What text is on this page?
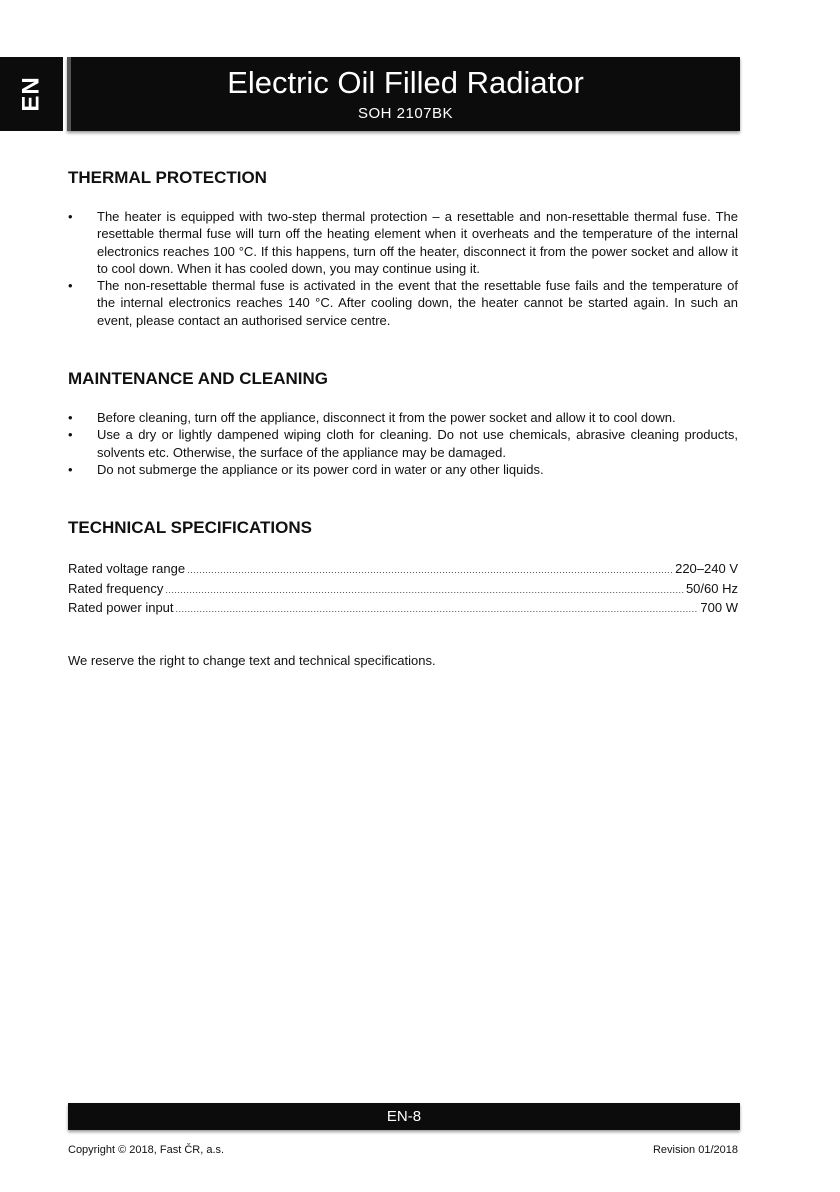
EN	Electric Oil Filled Radiator
SOH 2107BK
THERMAL PROTECTION
• The heater is equipped with two-step thermal protection – a resettable and non-resettable thermal fuse. The resettable thermal fuse will turn off the heating element when it overheats and the temperature of the internal electronics reaches 100 °C. If this happens, turn off the heater, disconnect it from the power socket and allow it to cool down. When it has cooled down, you may continue using it.
• The non-resettable thermal fuse is activated in the event that the resettable fuse fails and the temperature of the internal electronics reaches 140 °C. After cooling down, the heater cannot be started again. In such an event, please contact an authorised service centre.
MAINTENANCE AND CLEANING
• Before cleaning, turn off the appliance, disconnect it from the power socket and allow it to cool down.
• Use a dry or lightly dampened wiping cloth for cleaning. Do not use chemicals, abrasive cleaning products, solvents etc. Otherwise, the surface of the appliance may be damaged.
• Do not submerge the appliance or its power cord in water or any other liquids.
TECHNICAL SPECIFICATIONS
Rated voltage range .....	220–240 V
Rated frequency .....	50/60 Hz
Rated power input .....	700 W
We reserve the right to change text and technical specifications.
EN-8
Copyright © 2018, Fast ČR, a.s.	Revision 01/2018
